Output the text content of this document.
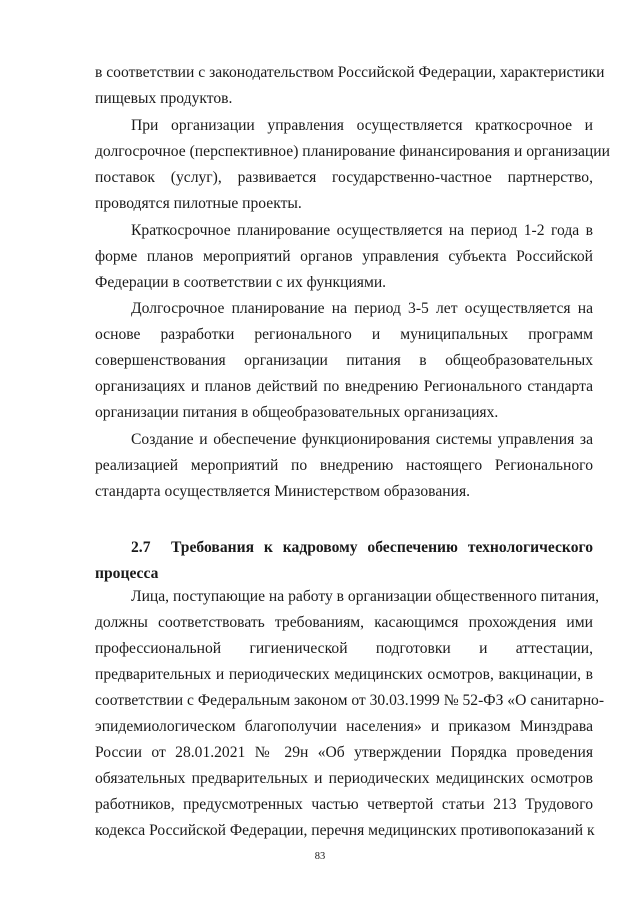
в соответствии с законодательством Российской Федерации, характеристики
пищевых продуктов.
При организации управления осуществляется краткосрочное и
долгосрочное (перспективное) планирование финансирования и организации
поставок (услуг), развивается государственно-частное партнерство,
проводятся пилотные проекты.
Краткосрочное планирование осуществляется на период 1-2 года в
форме планов мероприятий органов управления субъекта Российской
Федерации в соответствии с их функциями.
Долгосрочное планирование на период 3-5 лет осуществляется на
основе разработки регионального и муниципальных программ
совершенствования организации питания в общеобразовательных
организациях и планов действий по внедрению Регионального стандарта
организации питания в общеобразовательных организациях.
Создание и обеспечение функционирования системы управления за
реализацией мероприятий по внедрению настоящего Регионального
стандарта осуществляется Министерством образования.
2.7	Требования к кадровому обеспечению технологического
процесса
Лица, поступающие на работу в организации общественного питания,
должны соответствовать требованиям, касающимся прохождения ими
профессиональной гигиенической подготовки и аттестации,
предварительных и периодических медицинских осмотров, вакцинации, в
соответствии с Федеральным законом от 30.03.1999 № 52-ФЗ «О санитарно-
эпидемиологическом благополучии населения» и приказом Минздрава
России от 28.01.2021 № 29н «Об утверждении Порядка проведения
обязательных предварительных и периодических медицинских осмотров
работников, предусмотренных частью четвертой статьи 213 Трудового
кодекса Российской Федерации, перечня медицинских противопоказаний к
83
